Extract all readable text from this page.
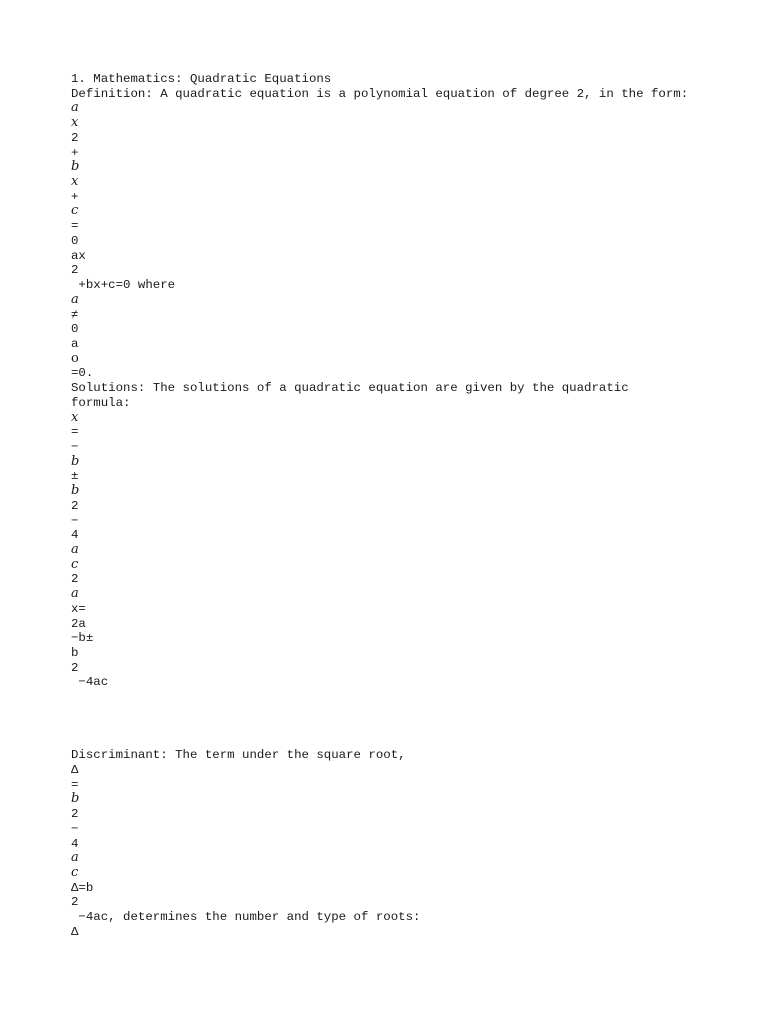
1. Mathematics: Quadratic Equations
Definition: A quadratic equation is a polynomial equation of degree 2, in the form:
a
x
2
+
b
x
+
c
=
0
ax
2
+bx+c=0 where
a
≠
0
a
o
=0.
Solutions: The solutions of a quadratic equation are given by the quadratic
formula:
x
=
−
b
±
b
2
−
4
a
c
2
a
x=
2a
−b±
b
2
−4ac
Discriminant: The term under the square root,
Δ
=
b
2
−
4
a
c
Δ=b
2
−4ac, determines the number and type of roots:
Δ
